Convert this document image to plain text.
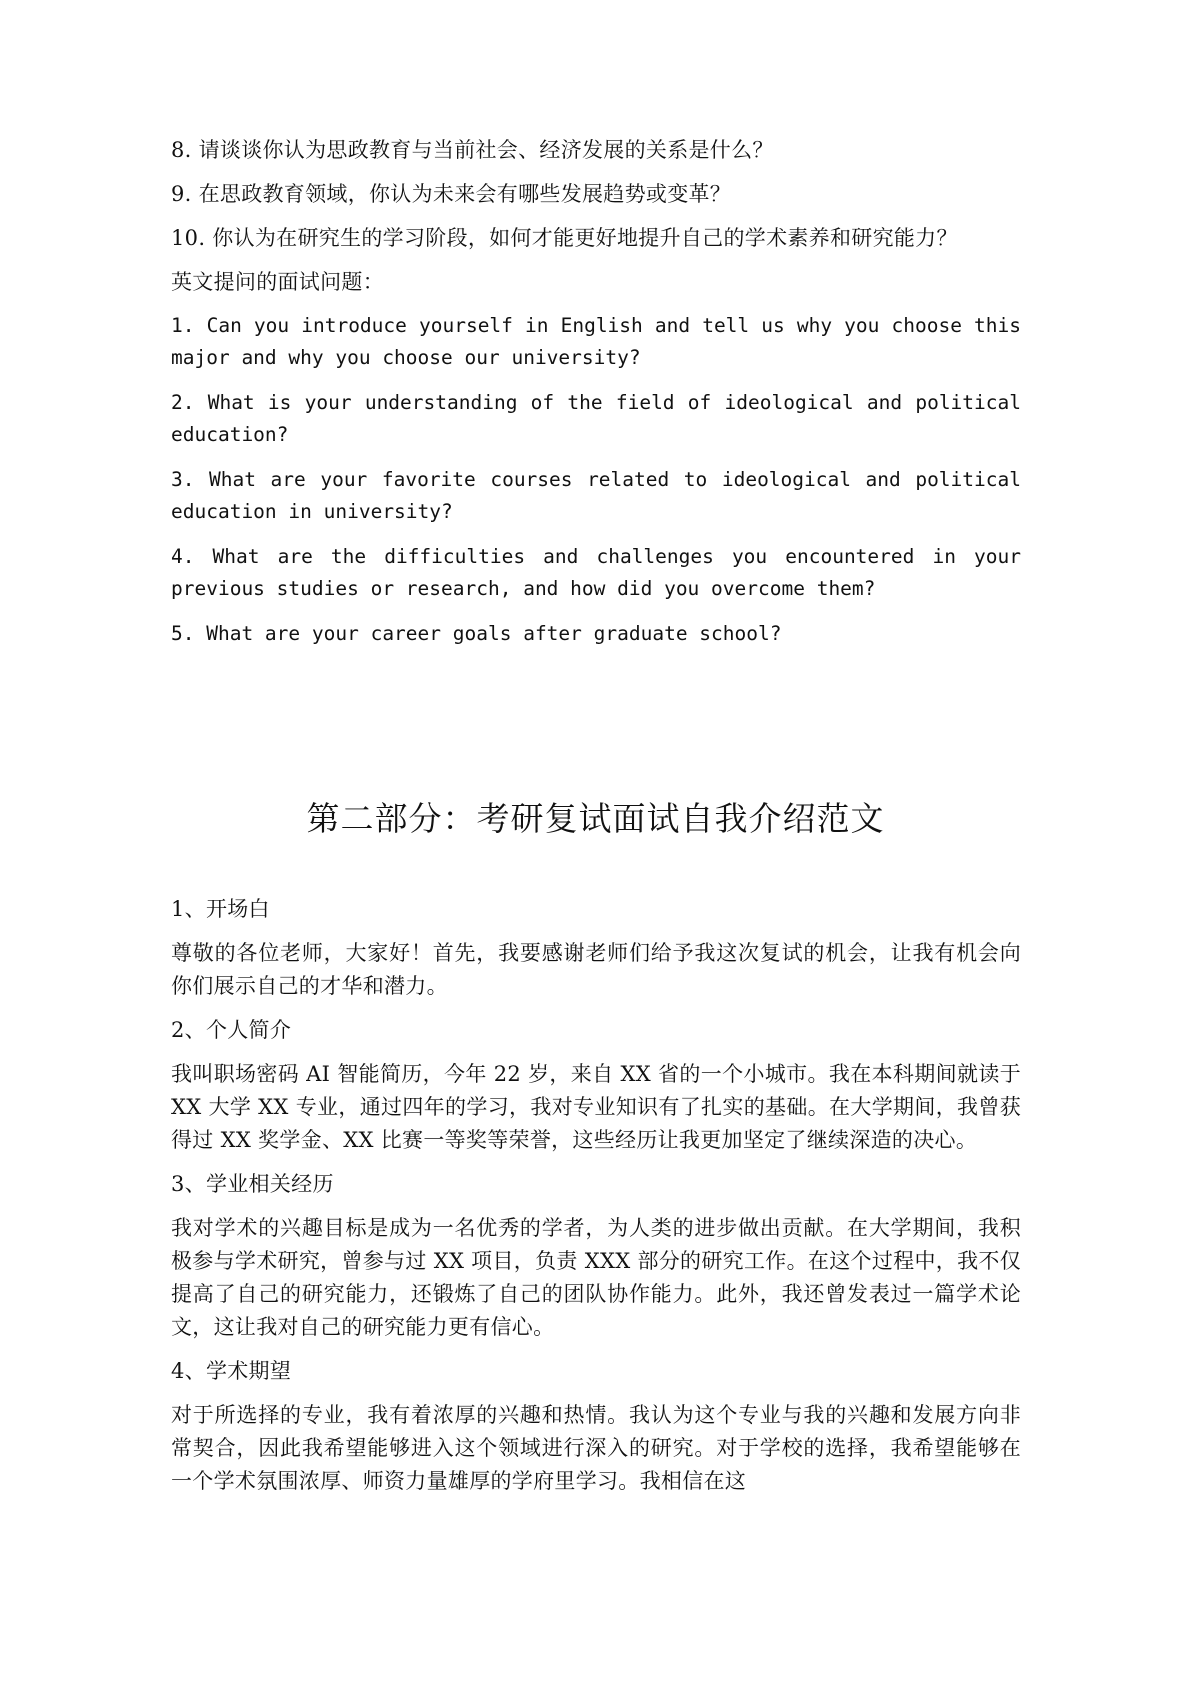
8. 请谈谈你认为思政教育与当前社会、经济发展的关系是什么？

9. 在思政教育领域，你认为未来会有哪些发展趋势或变革？

10. 你认为在研究生的学习阶段，如何才能更好地提升自己的学术素养和研究能力？

英文提问的面试问题：

1. Can you introduce yourself in English and tell us why you choose this major and why you choose our university?

2. What is your understanding of the field of ideological and political education?

3. What are your favorite courses related to ideological and political education in university?

4. What are the difficulties and challenges you encountered in your previous studies or research, and how did you overcome them?

5. What are your career goals after graduate school?

第二部分：考研复试面试自我介绍范文

1、开场白

尊敬的各位老师，大家好！首先，我要感谢老师们给予我这次复试的机会，让我有机会向你们展示自己的才华和潜力。

2、个人简介

我叫职场密码 AI 智能简历，今年 22 岁，来自 XX 省的一个小城市。我在本科期间就读于 XX 大学 XX 专业，通过四年的学习，我对专业知识有了扎实的基础。在大学期间，我曾获得过 XX 奖学金、XX 比赛一等奖等荣誉，这些经历让我更加坚定了继续深造的决心。

3、学业相关经历

我对学术的兴趣目标是成为一名优秀的学者，为人类的进步做出贡献。在大学期间，我积极参与学术研究，曾参与过 XX 项目，负责 XXX 部分的研究工作。在这个过程中，我不仅提高了自己的研究能力，还锻炼了自己的团队协作能力。此外，我还曾发表过一篇学术论文，这让我对自己的研究能力更有信心。

4、学术期望

对于所选择的专业，我有着浓厚的兴趣和热情。我认为这个专业与我的兴趣和发展方向非常契合，因此我希望能够进入这个领域进行深入的研究。对于学校的选择，我希望能够在一个学术氛围浓厚、师资力量雄厚的学府里学习。我相信在这
